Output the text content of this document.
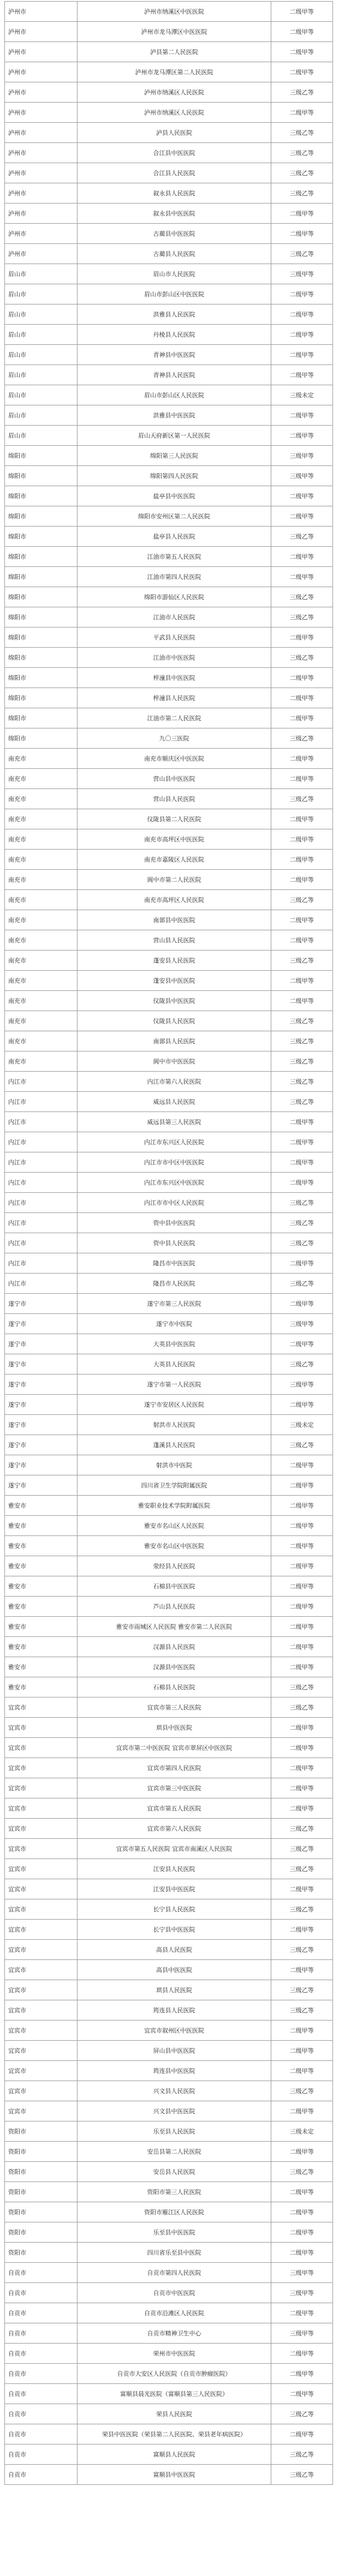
泸州市	泸州市纳溪区中医医院	二级甲等
泸州市	泸州市龙马潭区中医医院	二级甲等
泸州市	泸县第二人民医院	二级甲等
泸州市	泸州市龙马潭区第二人民医院	二级甲等
泸州市	泸州市纳溪区人民医院	三级乙等
泸州市	泸州市纳溪区人民医院	二级甲等
泸州市	泸县人民医院	三级乙等
泸州市	合江县中医医院	三级乙等
泸州市	合江县人民医院	三级乙等
泸州市	叙永县人民医院	三级乙等
泸州市	叙永县中医医院	二级甲等
泸州市	古蔺县中医医院	二级甲等
泸州市	古蔺县人民医院	三级乙等
眉山市	眉山市人民医院	三级甲等
眉山市	眉山市彭山区中医医院	二级甲等
眉山市	洪雅县人民医院	二级甲等
眉山市	丹棱县人民医院	二级甲等
眉山市	青神县中医医院	二级甲等
眉山市	青神县人民医院	二级甲等
眉山市	眉山市彭山区人民医院	三级未定
眉山市	洪雅县中医医院	二级甲等
眉山市	眉山天府新区第一人民医院	二级甲等
绵阳市	绵阳第三人民医院	三级甲等
绵阳市	绵阳第四人民医院	三级甲等
绵阳市	盐亭县中医医院	二级甲等
绵阳市	绵阳市安州区第二人民医院	二级甲等
绵阳市	盐亭县人民医院	三级乙等
绵阳市	江油市第五人民医院	二级甲等
绵阳市	江油市第四人民医院	二级甲等
绵阳市	绵阳市游仙区人民医院	三级乙等
绵阳市	江油市人民医院	三级乙等
绵阳市	平武县人民医院	二级甲等
绵阳市	江油市中医医院	三级乙等
绵阳市	梓潼县中医医院	二级甲等
绵阳市	梓潼县人民医院	二级甲等
绵阳市	江油市第二人民医院	二级甲等
绵阳市	九〇三医院	三级乙等
南充市	南充市顺庆区中医医院	二级甲等
南充市	营山县中医医院	二级甲等
南充市	营山县人民医院	三级乙等
南充市	仪陇县第二人民医院	二级甲等
南充市	南充市高坪区中医医院	二级甲等
南充市	南充市嘉陵区人民医院	二级甲等
南充市	阆中市第二人民医院	二级甲等
南充市	南充市高坪区人民医院	三级乙等
南充市	南部县中医医院	二级甲等
南充市	营山县人民医院	二级甲等
南充市	蓬安县人民医院	三级乙等
南充市	蓬安县中医医院	二级甲等
南充市	仪陇县中医医院	二级甲等
南充市	仪陇县人民医院	三级乙等
南充市	南部县人民医院	三级乙等
南充市	阆中市中医医院	三级乙等
内江市	内江市第六人民医院	三级乙等
内江市	威远县人民医院	三级乙等
内江市	威远县第三人民医院	二级甲等
内江市	内江市东兴区人民医院	二级甲等
内江市	内江市市中区中医医院	二级甲等
内江市	内江市东兴区中医医院	二级甲等
内江市	内江市市中区人民医院	三级乙等
内江市	资中县中医医院	三级乙等
内江市	资中县人民医院	三级乙等
内江市	隆昌市中医医院	二级甲等
内江市	隆昌市人民医院	三级乙等
遂宁市	遂宁市第三人民医院	二级甲等
遂宁市	遂宁市中医院	三级甲等
遂宁市	大英县中医医院	二级甲等
遂宁市	大英县人民医院	三级乙等
遂宁市	遂宁市第一人民医院	三级甲等
遂宁市	遂宁市安居区人民医院	二级甲等
遂宁市	射洪市人民医院	三级未定
遂宁市	蓬溪县人民医院	三级乙等
遂宁市	射洪市中医院	二级甲等
遂宁市	四川省卫生学院附属医院	二级甲等
雅安市	雅安职业技术学院附属医院	二级甲等
雅安市	雅安市名山区人民医院	二级甲等
雅安市	雅安市名山区中医医院	二级甲等
雅安市	荥经县人民医院	二级甲等
雅安市	石棉县中医医院	二级甲等
雅安市	芦山县人民医院	二级甲等
雅安市	雅安市雨城区人民医院 雅安市第二人民医院	二级甲等
雅安市	汉源县人民医院	二级甲等
雅安市	汉源县中医医院	二级甲等
雅安市	石棉县人民医院	三级乙等
宜宾市	宜宾市第三人民医院	三级乙等
宜宾市	珙县中医医院	二级甲等
宜宾市	宜宾市第二中医医院 宜宾市翠屏区中医医院	二级甲等
宜宾市	宜宾市第四人民医院	二级甲等
宜宾市	宜宾市第三中医医院	二级甲等
宜宾市	宜宾市第五人民医院	二级甲等
宜宾市	宜宾市第六人民医院	三级乙等
宜宾市	宜宾市第五人民医院 宜宾市南溪区人民医院	三级乙等
宜宾市	江安县人民医院	三级乙等
宜宾市	江安县中医医院	二级甲等
宜宾市	长宁县人民医院	三级乙等
宜宾市	长宁县中医医院	二级甲等
宜宾市	高县人民医院	三级乙等
宜宾市	高县中医医院	二级甲等
宜宾市	珙县人民医院	三级乙等
宜宾市	筠连县人民医院	三级乙等
宜宾市	宜宾市叙州区中医医院	二级甲等
宜宾市	屏山县中医医院	二级甲等
宜宾市	筠连县中医医院	二级甲等
宜宾市	兴文县人民医院	三级乙等
宜宾市	兴文县中医医院	二级甲等
资阳市	乐至县人民医院	三级未定
资阳市	安岳县第二人民医院	二级甲等
资阳市	安岳县人民医院	三级乙等
资阳市	资阳市第三人民医院	二级甲等
资阳市	资阳市雁江区人民医院	二级甲等
资阳市	乐至县中医医院	二级甲等
资阳市	四川省乐至县中医院	二级甲等
自贡市	自贡市第四人民医院	三级甲等
自贡市	自贡市中医医院	三级甲等
自贡市	自贡市沿滩区人民医院	二级甲等
自贡市	自贡市精神卫生中心	三级甲等
自贡市	荣州市中医医院	二级甲等
自贡市	自贡市大安区人民医院（自贡市肿瘤医院）	二级甲等
自贡市	富顺县晨光医院（富顺县第三人民医院）	二级甲等
自贡市	荣县人民医院	三级乙等
自贡市	荣县中医医院（荣县第二人民医院、荣县老年病医院）	二级甲等
自贡市	富顺县人民医院	三级乙等
自贡市	富顺县中医医院	三级乙等
